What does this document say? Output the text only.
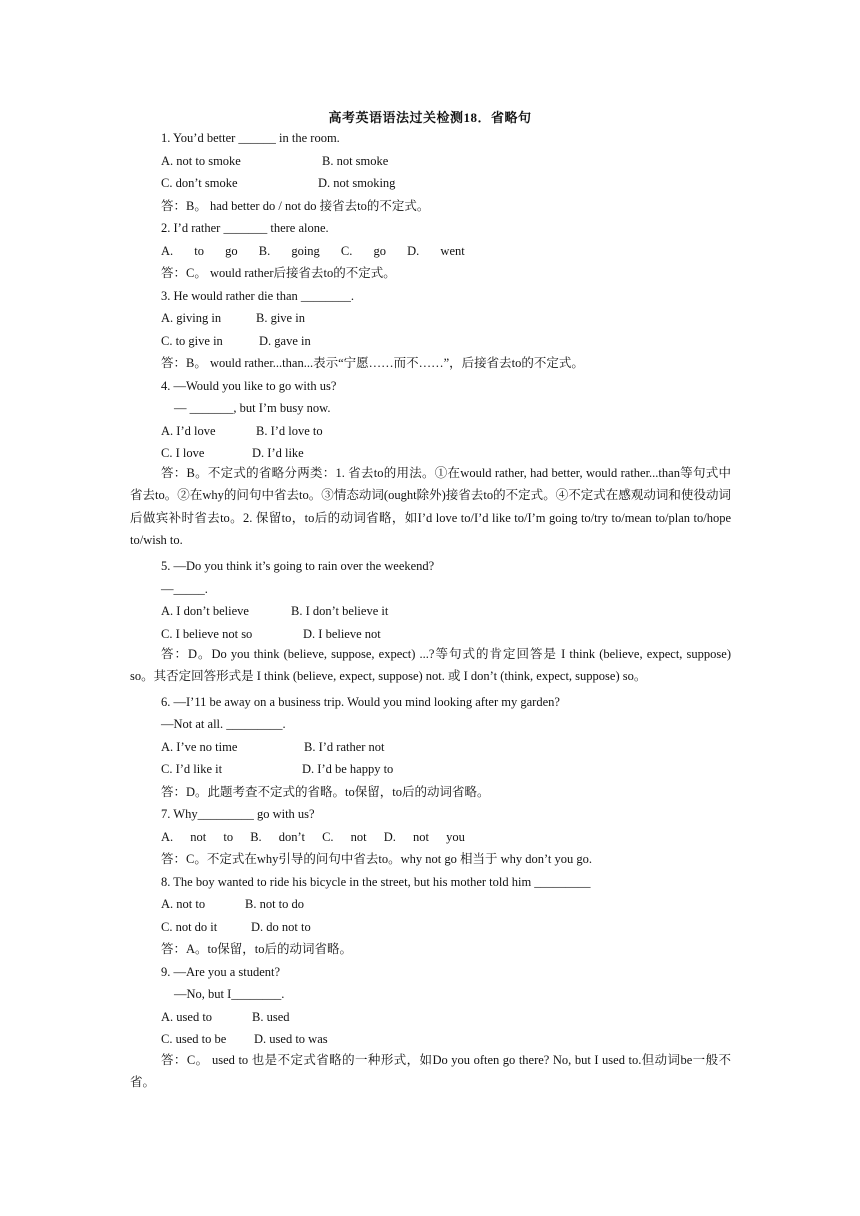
高考英语语法过关检测18．省略句
1. You’d better ______ in the room.
A. not to smoke	B. not smoke
C. don’t smoke	D. not smoking
答：B。 had better do / not do 接省去to的不定式。
2. I’d rather _______ there alone.
A. to go B. going C. go D. went
答：C。 would rather后接省去to的不定式。
3. He would rather die than ________.
A. giving in	B. give in
C. to give in	D. gave in
答：B。 would rather...than...表示“宁愿……而不……”，后接省去to的不定式。
4. —Would you like to go with us?
— _______, but I’m busy now.
A. I’d love	B. I’d love to
C. I love	D. I’d like
答：B。不定式的省略分两类：1. 省去to的用法。①在would rather, had better, would rather...than等句式中省去to。②在why的问句中省去to。③情态动词(ought除外)接省去to的不定式。④不定式在感观动词和使役动词后做宾补时省去to。2. 保留to，to后的动词省略，如I’d love to/I’d like to/I’m going to/try to/mean to/plan to/hope to/wish to.
5. —Do you think it’s going to rain over the weekend?
—_____.
A. I don’t believe	B. I don’t believe it
C. I believe not so	D. I believe not
答：D。Do you think (believe, suppose, expect) ...?等句式的肯定回答是 I think (believe, expect, suppose) so。其否定回答形式是 I think (believe, expect, suppose) not. 或 I don’t (think, expect, suppose) so。
6. —I’11 be away on a business trip. Would you mind looking after my garden?
—Not at all. _________.
A. I’ve no time	B. I’d rather not
C. I’d like it	D. I’d be happy to
答：D。此题考查不定式的省略。to保留，to后的动词省略。
7. Why_________ go with us?
A. not to B. don’t C. not D. not you
答：C。不定式在why引导的问句中省去to。why not go 相当于 why don’t you go.
8. The boy wanted to ride his bicycle in the street, but his mother told him _________
A. not to	B. not to do
C. not do it	D. do not to
答：A。to保留，to后的动词省略。
9. —Are you a student?
—No, but I________.
A. used to	B. used
C. used to be D. used to was
答：C。 used to 也是不定式省略的一种形式，如Do you often go there? No, but I used to.但动词be一般不省。
